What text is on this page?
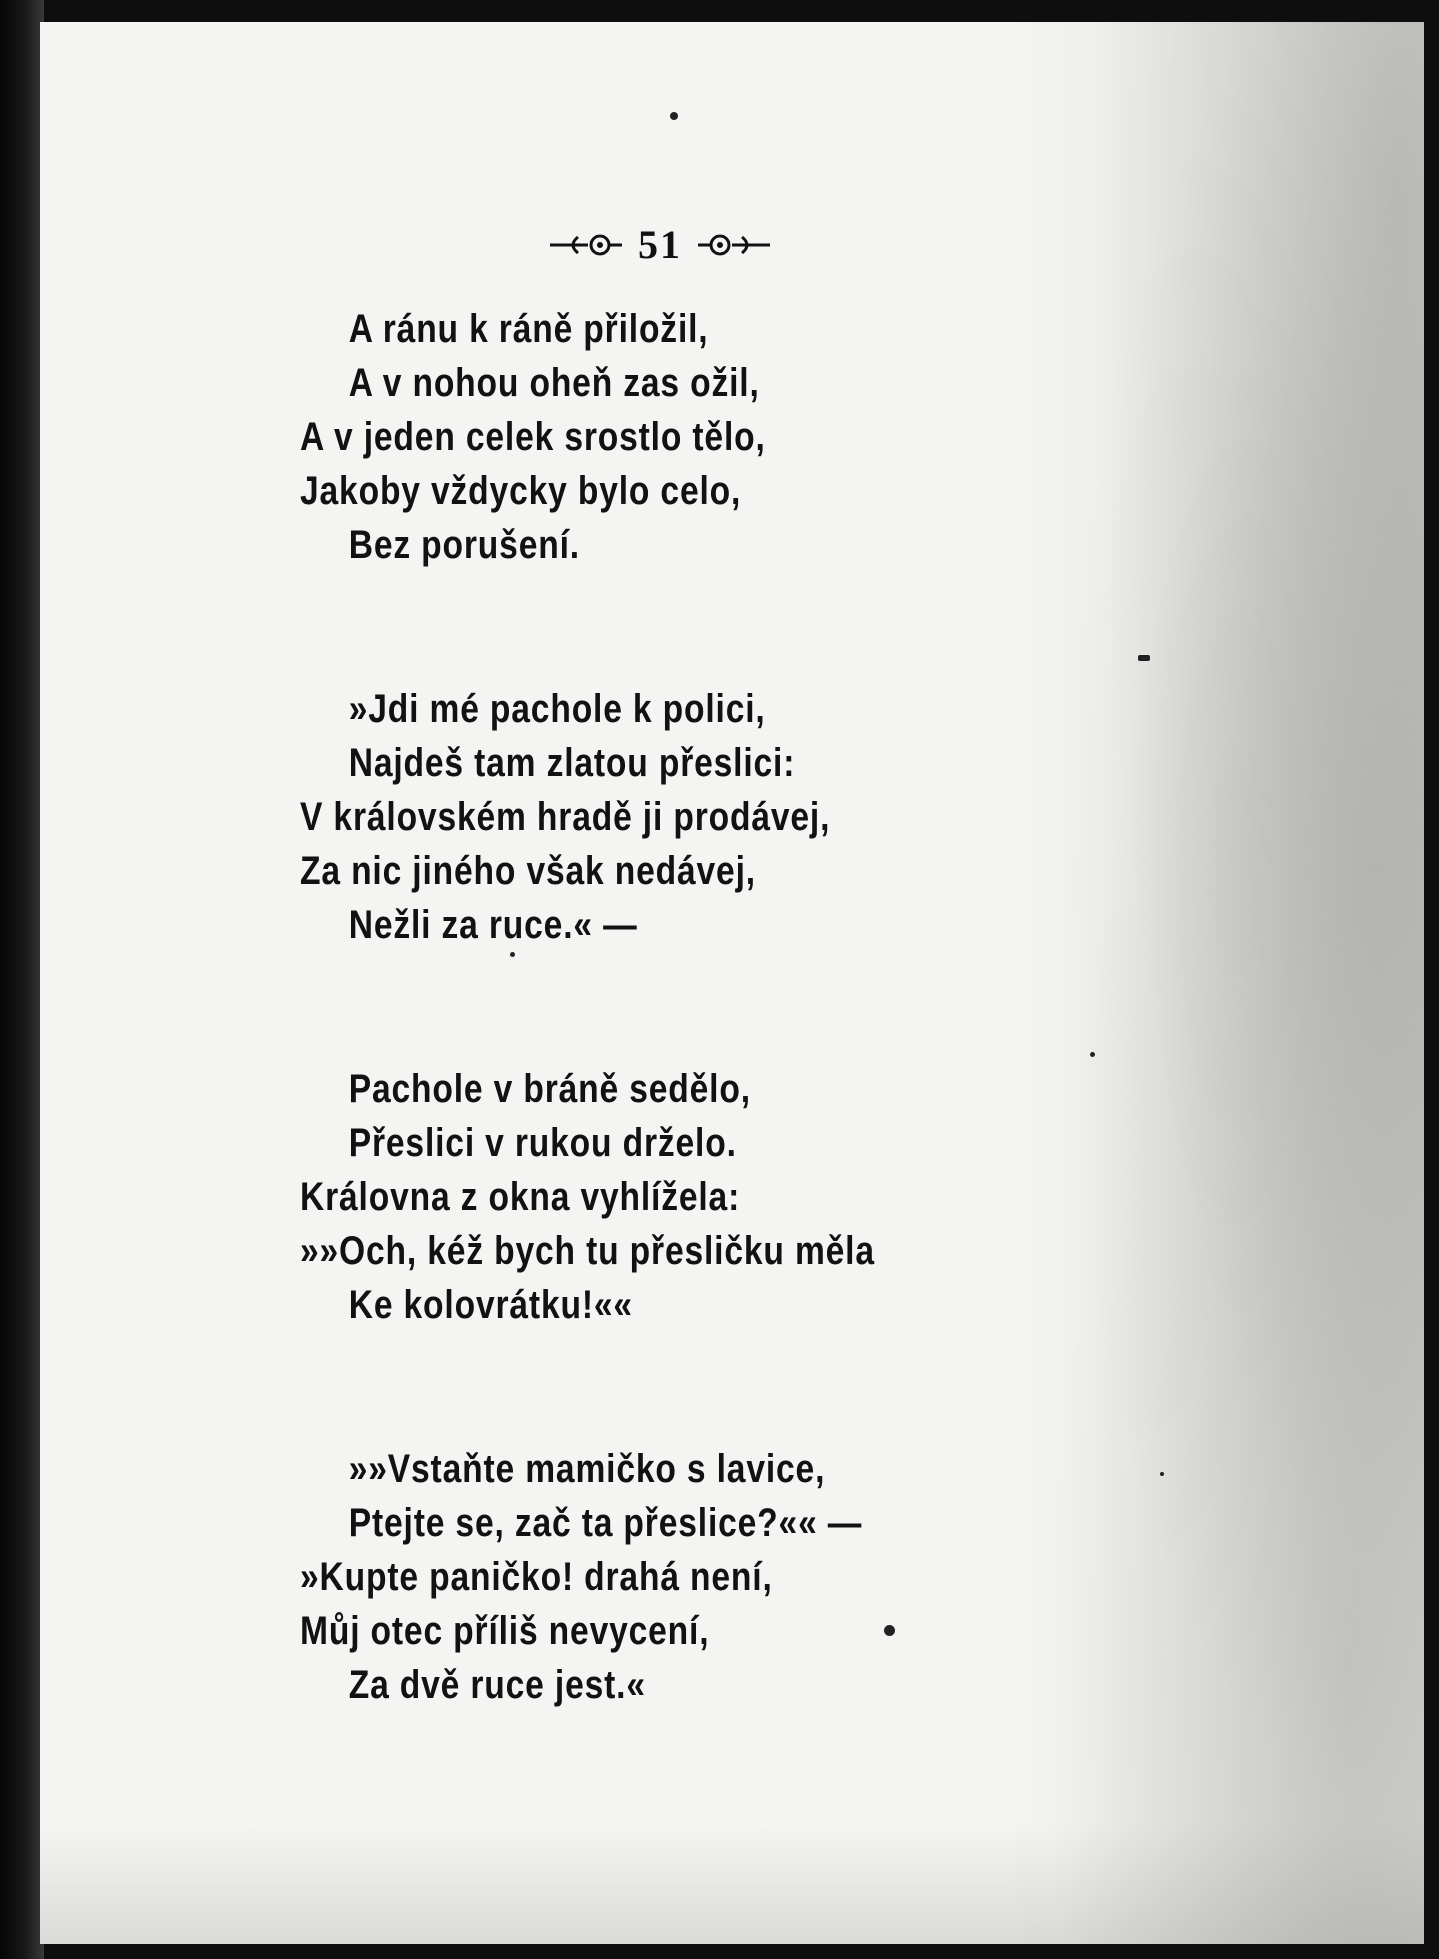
51
A ránu k ráně přiložil,
A v nohou oheň zas ožil,
A v jeden celek srostlo tělo,
Jakoby vždycky bylo celo,
Bez porušení.
»Jdi mé pachole k polici,
Najdeš tam zlatou přeslici:
V královském hradě ji prodávej,
Za nic jiného však nedávej,
Nežli za ruce.« —
Pachole v bráně sedělo,
Přeslici v rukou drželo.
Královna z okna vyhlížela:
»»Och, kéž bych tu přesličku měla
Ke kolovrátku!««
»»Vstaňte mamičko s lavice,
Ptejte se, zač ta přeslice?«« —
»Kupte paničko! drahá není,
Můj otec příliš nevycení,
Za dvě ruce jest.«
